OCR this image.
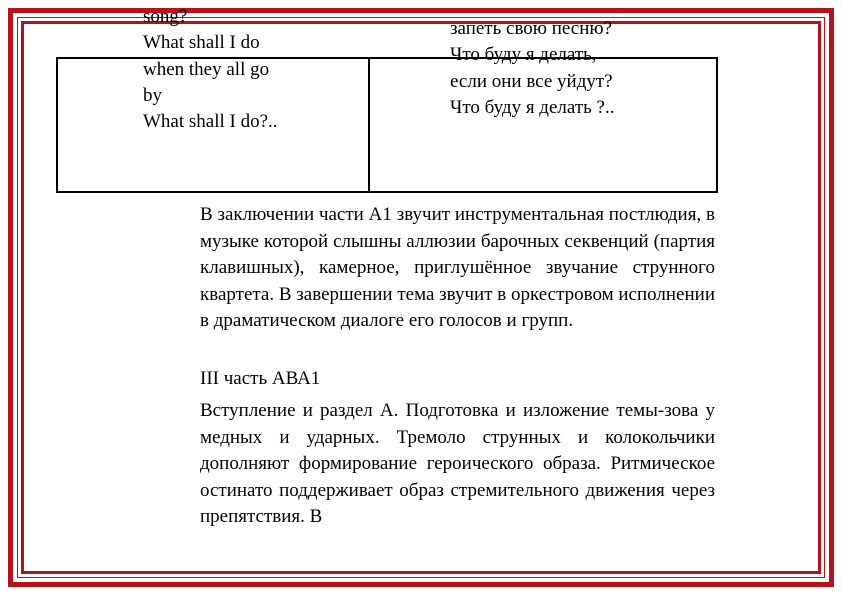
song?
What shall I do
when they all go
by
What shall I do?..
запеть свою песню?
Что буду я делать,
если они все уйдут?
Что буду я делать ?..
В заключении части А1 звучит инструментальная постлюдия, в музыке которой слышны аллюзии барочных секвенций (партия клавишных), камерное, приглушённое звучание струнного квартета. В завершении тема звучит в оркестровом исполнении в драматическом диалоге его голосов и групп.
III часть АВА1
Вступление и раздел А. Подготовка и изложение темы-зова у медных и ударных. Тремоло струнных и колокольчики дополняют формирование героического образа. Ритмическое остинато поддерживает образ стремительного движения через препятствия. В
